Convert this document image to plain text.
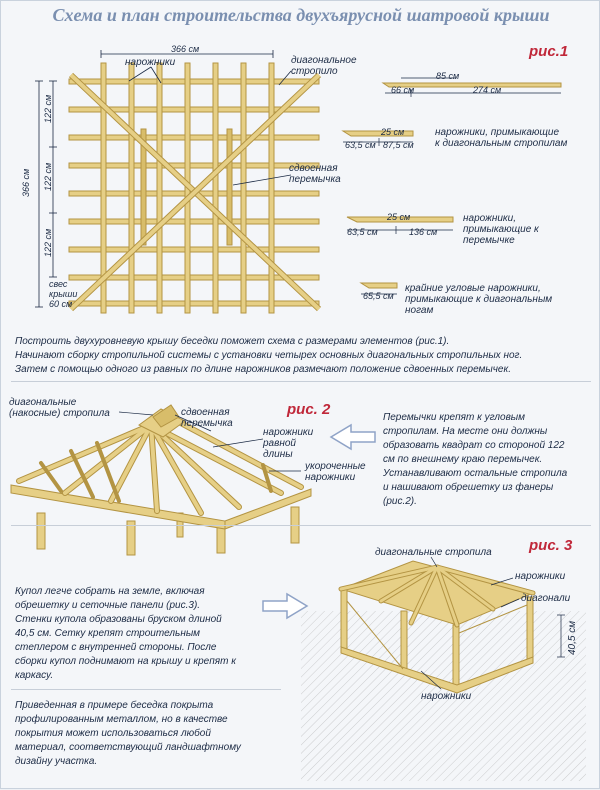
Схема и план строительства двухъярусной шатровой крыши
рис.1
366 см
нарожники	диагональное
стропило
сдвоенная
перемычка
366 см
122 см
122 см
122 см
свес
крыши
60 см
85 см
66 см	274 см
25 см
63,5 см 87,5 см
нарожники, примыкающие
к диагональным стропилам
25 см
63,5 см	136 см
нарожники,
примыкающие к
перемычке
65,5 см
крайние угловые нарожники,
примыкающие к диагональным
ногам
Построить двухуровневую крышу беседки поможет схема с размерами элементов (рис.1).
Начинают сборку стропильной системы с установки четырех основных диагональных стропильных ног.
Затем с помощью одного из равных по длине нарожников размечают положение сдвоенных перемычек.
диагональные
(накосные) стропила	сдвоенная
перемычка
рис. 2
нарожники
равной
длины
укороченные
нарожники
Перемычки крепят к угловым
стропилам. На месте они должны
образовать квадрат со стороной 122
см по внешнему краю перемычек.
Устанавливают остальные стропила
и нашивают обрешетку из фанеры
(рис.2).
диагональные стропила рис. 3
нарожники
диагонали
нарожники
40,5 см
Купол легче собрать на земле, включая
обрешетку и сеточные панели (рис.3).
Стенки купола образованы бруском длиной
40,5 см. Сетку крепят строительным
степлером с внутренней стороны. После
сборки купол поднимают на крышу и крепят к
каркасу.
Приведенная в примере беседка покрыта
профилированным металлом, но в качестве
покрытия может использоваться любой
материал, соответствующий ландшафтному
дизайну участка.
